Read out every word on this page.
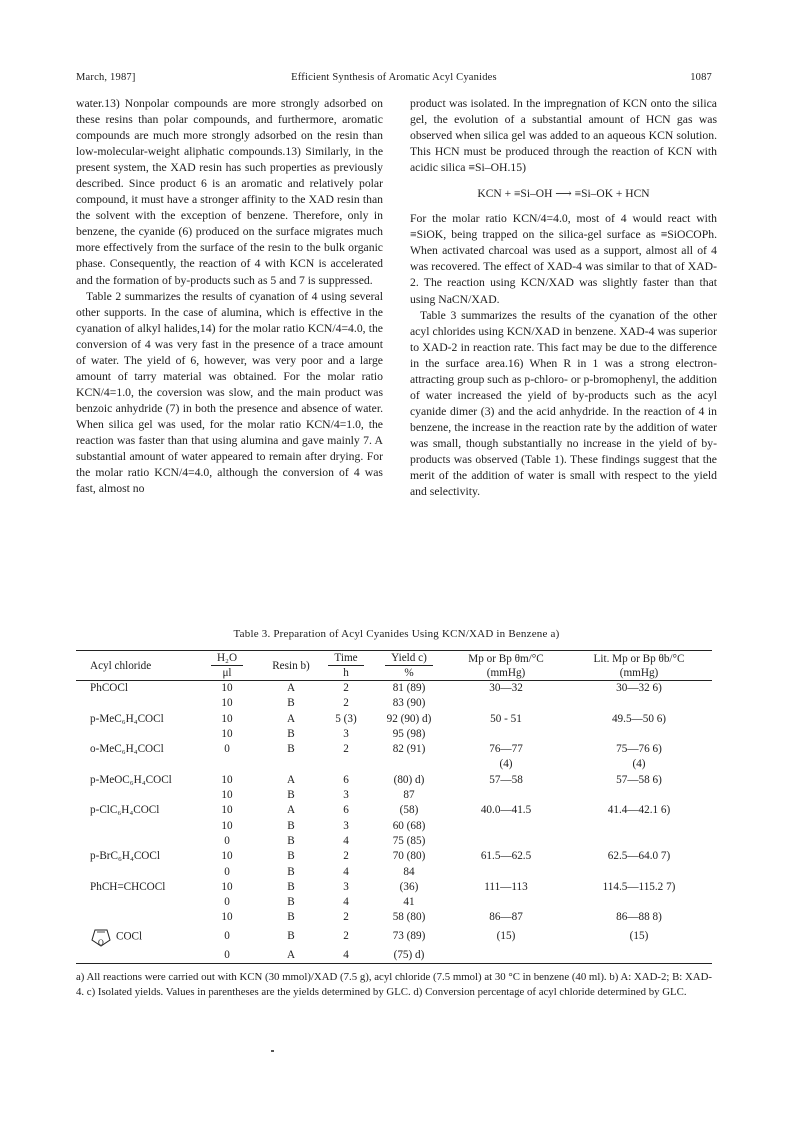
March, 1987]	Efficient Synthesis of Aromatic Acyl Cyanides	1087

water.13) Nonpolar compounds are more strongly adsorbed on these resins than polar compounds, and furthermore, aromatic compounds are much more strongly adsorbed on the resin than low-molecular-weight aliphatic compounds.13) Similarly, in the present system, the XAD resin has such properties as previously described. Since product 6 is an aromatic and relatively polar compound, it must have a stronger affinity to the XAD resin than the solvent with the exception of benzene. Therefore, only in benzene, the cyanide (6) produced on the surface migrates much more effectively from the surface of the resin to the bulk organic phase. Consequently, the reaction of 4 with KCN is accelerated and the formation of by-products such as 5 and 7 is suppressed.

Table 2 summarizes the results of cyanation of 4 using several other supports. In the case of alumina, which is effective in the cyanation of alkyl halides,14) for the molar ratio KCN/4=4.0, the conversion of 4 was very fast in the presence of a trace amount of water. The yield of 6, however, was very poor and a large amount of tarry material was obtained. For the molar ratio KCN/4=1.0, the coversion was slow, and the main product was benzoic anhydride (7) in both the presence and absence of water. When silica gel was used, for the molar ratio KCN/4=1.0, the reaction was faster than that using alumina and gave mainly 7. A substantial amount of water appeared to remain after drying. For the molar ratio KCN/4=4.0, although the conversion of 4 was fast, almost no

product was isolated. In the impregnation of KCN onto the silica gel, the evolution of a substantial amount of HCN gas was observed when silica gel was added to an aqueous KCN solution. This HCN must be produced through the reaction of KCN with acidic silica ≡Si–OH.15)

KCN + ≡Si–OH ⟶ ≡Si–OK + HCN

For the molar ratio KCN/4=4.0, most of 4 would react with ≡SiOK, being trapped on the silica-gel surface as ≡SiOCOPh. When activated charcoal was used as a support, almost all of 4 was recovered. The effect of XAD-4 was similar to that of XAD-2. The reaction using KCN/XAD was slightly faster than that using NaCN/XAD.

Table 3 summarizes the results of the cyanation of the other acyl chlorides using KCN/XAD in benzene. XAD-4 was superior to XAD-2 in reaction rate. This fact may be due to the difference in the surface area.16) When R in 1 was a strong electron-attracting group such as p-chloro- or p-bromophenyl, the addition of water increased the yield of by-products such as the acyl cyanide dimer (3) and the acid anhydride. In the reaction of 4 in benzene, the increase in the reaction rate by the addition of water was small, though substantially no increase in the yield of by-products was observed (Table 1). These findings suggest that the merit of the addition of water is small with respect to the yield and selectivity.

Table 3. Preparation of Acyl Cyanides Using KCN/XAD in Benzene a)
Acyl chloride	H₂O	Resin b)	Time	Yield c)	Mp or Bp θm/°C	Lit. Mp or Bp θb/°C
	μl		h	%	(mmHg)	(mmHg)
PhCOCl	10	A	2	81 (89)	30—32	30—32 6)
	10	B	2	83 (90)		
p-MeC₆H₄COCl	10	A	5 (3)	92 (90) d)	50 - 51	49.5—50 6)
	10	B	3	95 (98)		
o-MeC₆H₄COCl	0	B	2	82 (91)	76—77	75—76 6)
					(4)	(4)
p-MeOC₆H₄COCl	10	A	6	(80) d)	57—58	57—58 6)
	10	B	3	87		
p-ClC₆H₄COCl	10	A	6	(58)	40.0—41.5	41.4—42.1 6)
	10	B	3	60 (68)		
	0	B	4	75 (85)		
p-BrC₆H₄COCl	10	B	2	70 (80)	61.5—62.5	62.5—64.0 7)
	0	B	4	84		
PhCH=CHCOCl	10	B	3	(36)	111—113	114.5—115.2 7)
	0	B	4	41		
	10	B	2	58 (80)	86—87	86—88 8)

O COCl	0	B	2	73 (89)	(15)	(15)
	0	A	4	(75) d)		
a) All reactions were carried out with KCN (30 mmol)/XAD (7.5 g), acyl chloride (7.5 mmol) at 30 °C in benzene (40 ml). b) A: XAD-2; B: XAD-4. c) Isolated yields. Values in parentheses are the yields determined by GLC. d) Conversion percentage of acyl chloride determined by GLC.
